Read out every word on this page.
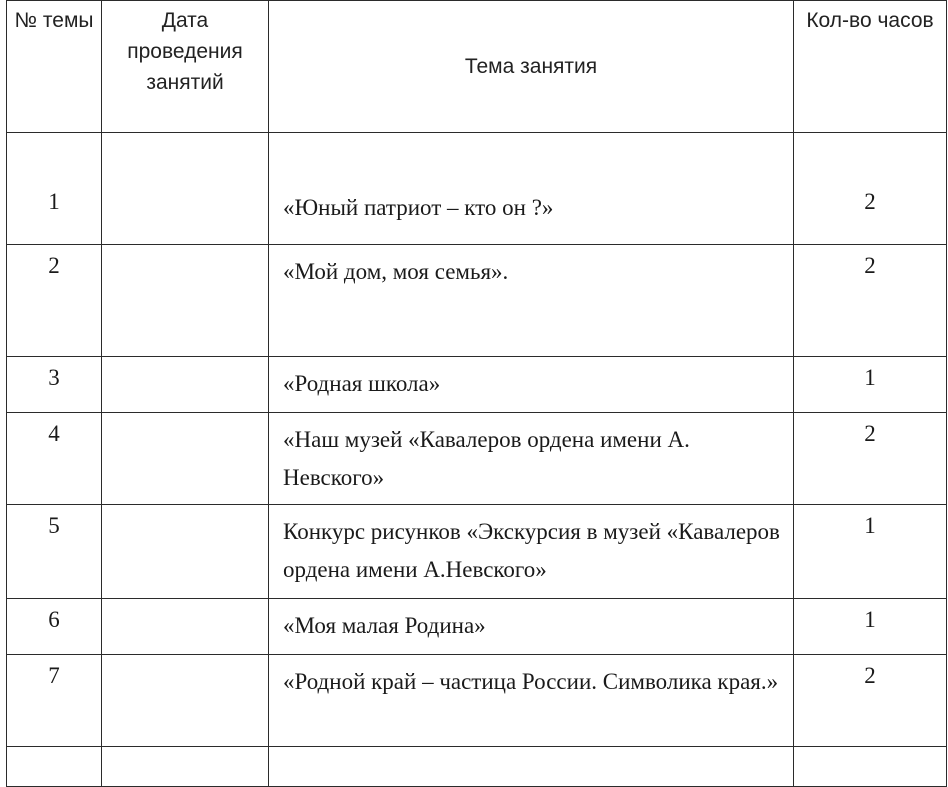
№ темы	Дата проведения занятий	Тема занятия	Кол-во часов
1		«Юный патриот – кто он ?»	2
2		«Мой дом, моя семья».	2
3		«Родная школа»	1
4		«Наш музей «Кавалеров ордена имени А. Невского»	2
5		Конкурс рисунков «Экскурсия в музей «Кавалеров ордена имени А.Невского»	1
6		«Моя малая Родина»	1
7		«Родной край – частица России. Символика края.»	2
